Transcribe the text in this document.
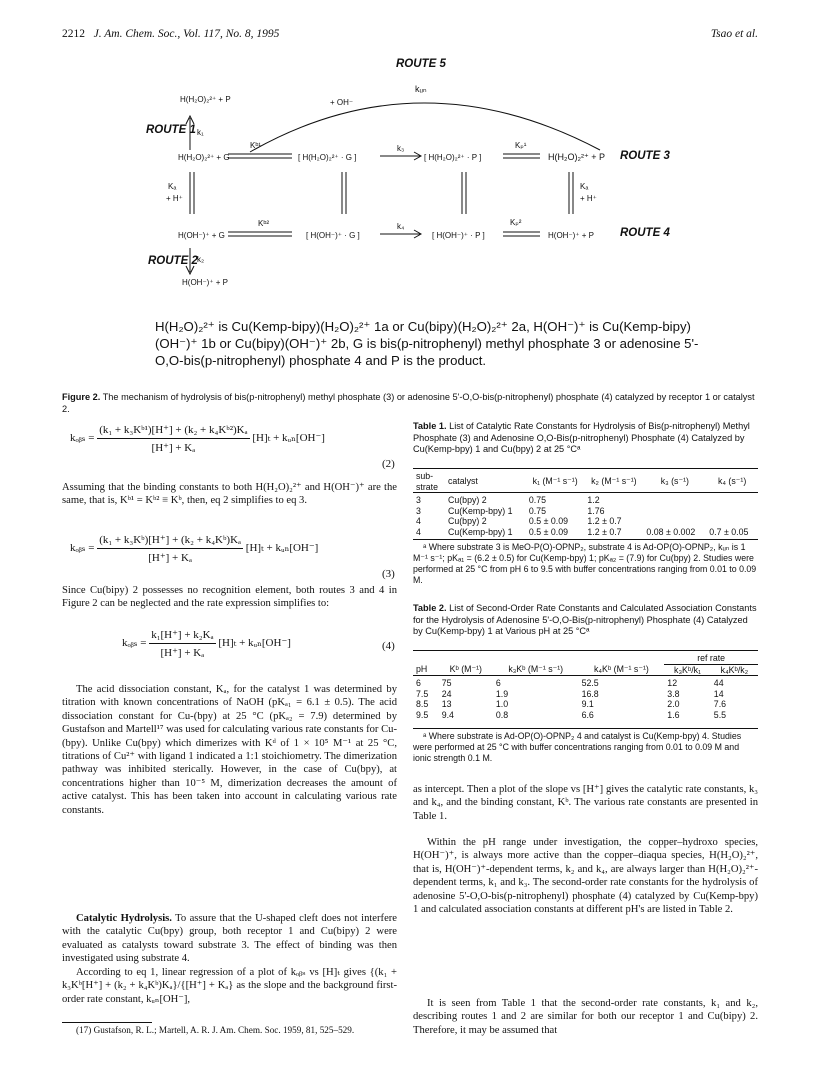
2212 J. Am. Chem. Soc., Vol. 117, No. 8, 1995	Tsao et al.
ROUTE 5
H(H₂O)₂²⁺ + P	+ OH⁻
kᵤₙ
ROUTE 1 k₁
H(H₂O)₂²⁺ + G
Kᵇ¹
[ H(H₂O)₂²⁺ · G ]
k₃
[ H(H₂O)₂²⁺ · P ]
Kₚ¹
H(H₂O)₂²⁺ + P ROUTE 3
Kₐ
+ H⁺
Kₐ
+ H⁺
H(OH⁻)⁺ + G
Kᵇ²
[ H(OH⁻)⁺ · G ]
k₄
[ H(OH⁻)⁺ · P ]
Kₚ²
H(OH⁻)⁺ + P ROUTE 4
ROUTE 2 k₂
H(OH⁻)⁺ + P
H(H₂O)₂²⁺ is Cu(Kemp-bipy)(H₂O)₂²⁺ 1a or Cu(bipy)(H₂O)₂²⁺ 2a, H(OH⁻)⁺ is Cu(Kemp-bipy)(OH⁻)⁺ 1b or Cu(bipy)(OH⁻)⁺ 2b, G is bis(p-nitrophenyl) methyl phosphate 3 or adenosine 5'-O,O-bis(p-nitrophenyl) phosphate 4 and P is the product.
Figure 2. The mechanism of hydrolysis of bis(p-nitrophenyl) methyl phosphate (3) or adenosine 5'-O,O-bis(p-nitrophenyl) phosphate (4) catalyzed by receptor 1 or catalyst 2.
kₒᵦₛ = $\frac{\text{(k₁ + k₃Kᵇ¹)[H⁺] + (k₂ + k₄Kᵇ²)Kₐ}}{\text{[H⁺] + Kₐ}} [H]_t$ + kᵤₙ[OH⁻]
(2)
Assuming that the binding constants to both H(H₂O)₂²⁺ and H(OH⁻)⁺ are the same, that is, Kᵇ¹ = Kᵇ² ≡ Kᵇ, then, eq 2 simplifies to eq 3.
kₒᵦₛ = $\frac{\text{(k₁ + k₃Kᵇ)[H⁺] + (k₂ + k₄Kᵇ)Kₐ}}{\text{[H⁺] + Kₐ}} [H]_t$ + kᵤₙ[OH⁻]
(3)
Since Cu(bipy) 2 possesses no recognition element, both routes 3 and 4 in Figure 2 can be neglected and the rate expression simplifies to:
kₒᵦₛ = $\frac{\text{k₁[H⁺] + k₂Kₐ}}{\text{[H⁺] + Kₐ}} [H]_t$ + kᵤₙ[OH⁻]	(4)
The acid dissociation constant, Kₐ, for the catalyst 1 was determined by titration with known concentrations of NaOH (pKₐ₁ = 6.1 ± 0.5). The acid dissociation constant for Cu-(bpy) at 25 °C (pKₐ₂ = 7.9) determined by Gustafson and Martell¹⁷ was used for calculating various rate constants for Cu-(bpy). Unlike Cu(bpy) which dimerizes with Kᵈ of 1 × 10⁵ M⁻¹ at 25 °C, titrations of Cu²⁺ with ligand 1 indicated a 1:1 stoichiometry. The dimerization pathway was inhibited sterically. However, in the case of Cu(bpy), at concentrations higher than 10⁻⁵ M, dimerization decreases the amount of active catalyst. This has been taken into account in calculating various rate constants.
Catalytic Hydrolysis. To assure that the U-shaped cleft does not interfere with the catalytic Cu(bpy) group, both receptor 1 and Cu(bipy) 2 were evaluated as catalysts toward substrate 3. The effect of binding was then investigated using substrate 4.
According to eq 1, linear regression of a plot of kₒᵦₛ vs [H]ₜ gives {(k₁ + k₃Kᵇ[H⁺] + (k₂ + k₄Kᵇ)Kₐ}/{[H⁺] + Kₐ} as the slope and the background first-order rate constant, kᵤₙ[OH⁻],
(17) Gustafson, R. L.; Martell, A. R. J. Am. Chem. Soc. 1959, 81, 525–529.
Table 1. List of Catalytic Rate Constants for Hydrolysis of Bis(p-nitrophenyl) Methyl Phosphate (3) and Adenosine O,O-Bis(p-nitrophenyl) Phosphate (4) Catalyzed by Cu(Kemp-bpy) 1 and Cu(bpy) 2 at 25 °Cᵃ
sub-strate	catalyst	k₁ (M⁻¹ s⁻¹)	k₂ (M⁻¹ s⁻¹)	k₃ (s⁻¹)	k₄ (s⁻¹)

3	Cu(bpy) 2	0.75	1.2		
3	Cu(Kemp-bpy) 1	0.75	1.76		
4	Cu(bpy) 2	0.5 ± 0.09	1.2 ± 0.7		
4	Cu(Kemp-bpy) 1	0.5 ± 0.09	1.2 ± 0.7	0.08 ± 0.002	0.7 ± 0.05
ᵃ Where substrate 3 is MeO-P(O)-OPNP₂, substrate 4 is Ad-OP(O)-OPNP₂, kᵤₙ is 1 M⁻¹ s⁻¹; pKₐ₁ = (6.2 ± 0.5) for Cu(Kemp-bpy) 1; pKₐ₂ = (7.9) for Cu(bpy) 2. Studies were performed at 25 °C from pH 6 to 9.5 with buffer concentrations ranging from 0.01 to 0.09 M.
Table 2. List of Second-Order Rate Constants and Calculated Association Constants for the Hydrolysis of Adenosine 5'-O,O-Bis(p-nitrophenyl) Phosphate (4) Catalyzed by Cu(Kemp-bpy) 1 at Various pH at 25 °Cᵃ
				ref rate	
pH	Kᵇ (M⁻¹)	k₃Kᵇ (M⁻¹ s⁻¹)	k₄Kᵇ (M⁻¹ s⁻¹)	k₃Kᵇ/k₁	k₄Kᵇ/k₂

6	75	6	52.5	12	44
7.5	24	1.9	16.8	3.8	14
8.5	13	1.0	9.1	2.0	7.6
9.5	9.4	0.8	6.6	1.6	5.5
ᵃ Where substrate is Ad-OP(O)-OPNP₂ 4 and catalyst is Cu(Kemp-bpy) 4. Studies were performed at 25 °C with buffer concentrations ranging from 0.01 to 0.09 M and ionic strength 0.1 M.
as intercept. Then a plot of the slope vs [H⁺] gives the catalytic rate constants, k₃ and k₄, and the binding constant, Kᵇ. The various rate constants are presented in Table 1.
Within the pH range under investigation, the copper–hydroxo species, H(OH⁻)⁺, is always more active than the copper–diaqua species, H(H₂O)₂²⁺, that is, H(OH⁻)⁺-dependent terms, k₂ and k₄, are always larger than H(H₂O)₂²⁺-dependent terms, k₁ and k₃. The second-order rate constants for the hydrolysis of adenosine 5'-O,O-bis(p-nitrophenyl) phosphate (4) catalyzed by Cu(Kemp-bpy) 1 and calculated association constants at different pH's are listed in Table 2.
It is seen from Table 1 that the second-order rate constants, k₁ and k₂, describing routes 1 and 2 are similar for both our receptor 1 and Cu(bipy) 2. Therefore, it may be assumed that
